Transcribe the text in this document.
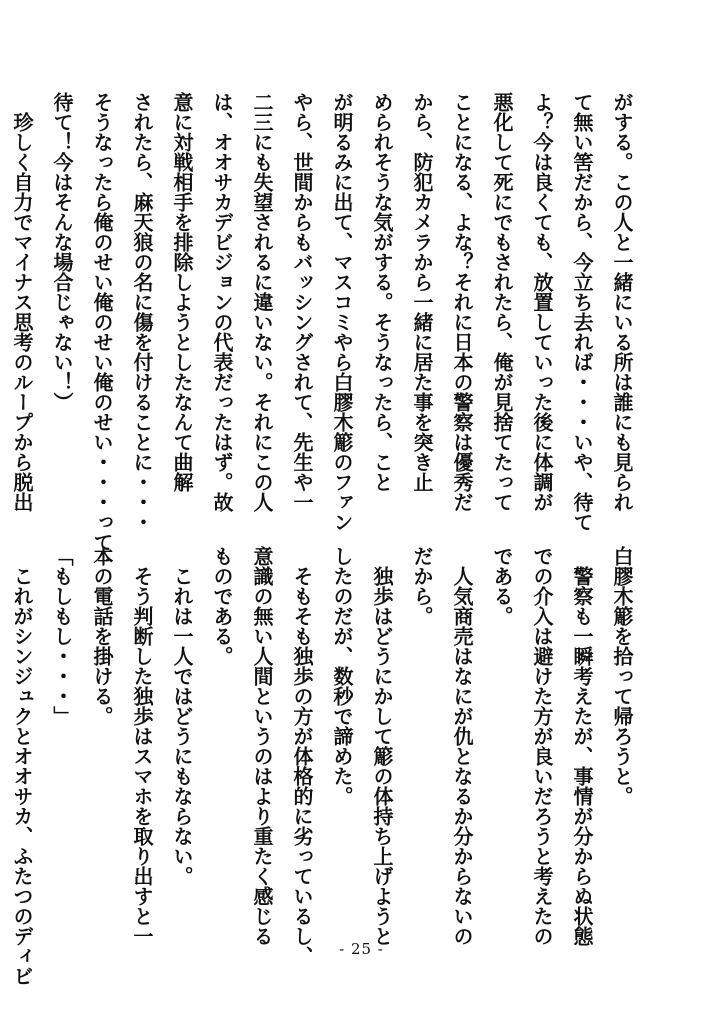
がする。この人と一緒にいる所は誰にも見られ
て無い筈だから、今立ち去れば・・・いや、待て
よ？今は良くても、放置していった後に体調が
悪化して死にでもされたら、俺が見捨てたって
ことになる、よな？それに日本の警察は優秀だ
から、防犯カメラから一緒に居た事を突き止
められそうな気がする。そうなったら、こと
が明るみに出て、マスコミやら白膠木簓のファン
やら、世間からもバッシングされて、先生や一
二三にも失望されるに違いない。それにこの人
は、オオサカデビジョンの代表だったはず。故
意に対戦相手を排除しようとしたなんて曲解
されたら、麻天狼の名に傷を付けることに・・・
そうなったら俺のせい俺のせい俺のせい・・・って
待て！今はそんな場合じゃない！）
　珍しく自力でマイナス思考のループから脱出
白膠木簓を拾って帰ろうと。
　警察も一瞬考えたが、事情が分からぬ状態
での介入は避けた方が良いだろうと考えたの
である。
　人気商売はなにが仇となるか分からないの
だから。
　独歩はどうにかして簓の体持ち上げようと
したのだが、数秒で諦めた。
　そもそも独歩の方が体格的に劣っているし、
意識の無い人間というのはより重たく感じる
ものである。
　これは一人ではどうにもならない。
　そう判断した独歩はスマホを取り出すと一
本の電話を掛ける。
「もしもし・・・」
　これがシンジュクとオオサカ、ふたつのディビ	- 25 -
